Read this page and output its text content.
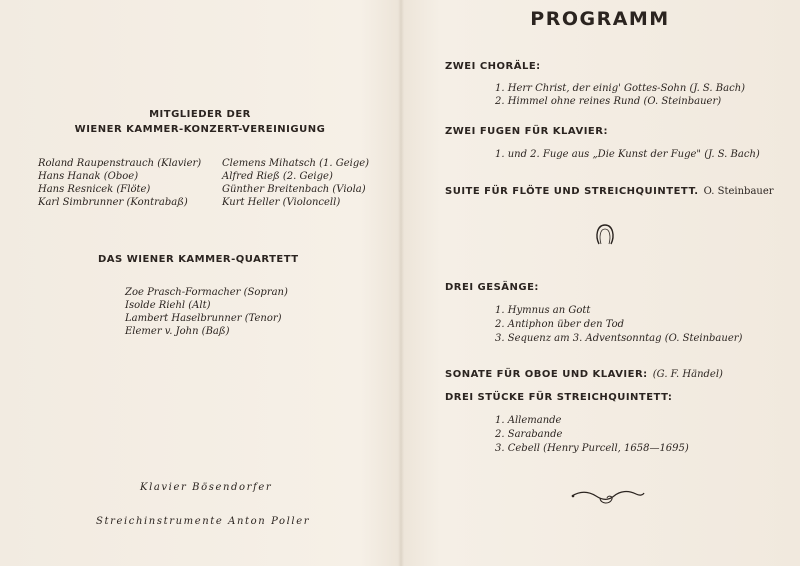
MITGLIEDER DER
WIENER KAMMER-KONZERT-VEREINIGUNG
Roland Raupenstrauch (Klavier)
Hans Hanak (Oboe)
Hans Resnicek (Flöte)
Karl Simbrunner (Kontrabaß)
Clemens Mihatsch (1. Geige)
Alfred Rieß (2. Geige)
Günther Breitenbach (Viola)
Kurt Heller (Violoncell)
DAS WIENER KAMMER-QUARTETT
Zoe Prasch-Formacher (Sopran)
Isolde Riehl (Alt)
Lambert Haselbrunner (Tenor)
Elemer v. John (Baß)
Klavier Bösendorfer
Streichinstrumente Anton Poller
PROGRAMM
ZWEI CHORÄLE:
1. Herr Christ, der einig' Gottes-Sohn (J. S. Bach)
2. Himmel ohne reines Rund (O. Steinbauer)
ZWEI FUGEN FÜR KLAVIER:
1. und 2. Fuge aus „Die Kunst der Fuge" (J. S. Bach)
SUITE FÜR FLÖTE UND STREICHQUINTETT. O. Steinbauer
DREI GESÄNGE:
1. Hymnus an Gott
2. Antiphon über den Tod
3. Sequenz am 3. Adventsonntag (O. Steinbauer)
SONATE FÜR OBOE UND KLAVIER: (G. F. Händel)
DREI STÜCKE FÜR STREICHQUINTETT:
1. Allemande
2. Sarabande
3. Cebell (Henry Purcell, 1658—1695)
